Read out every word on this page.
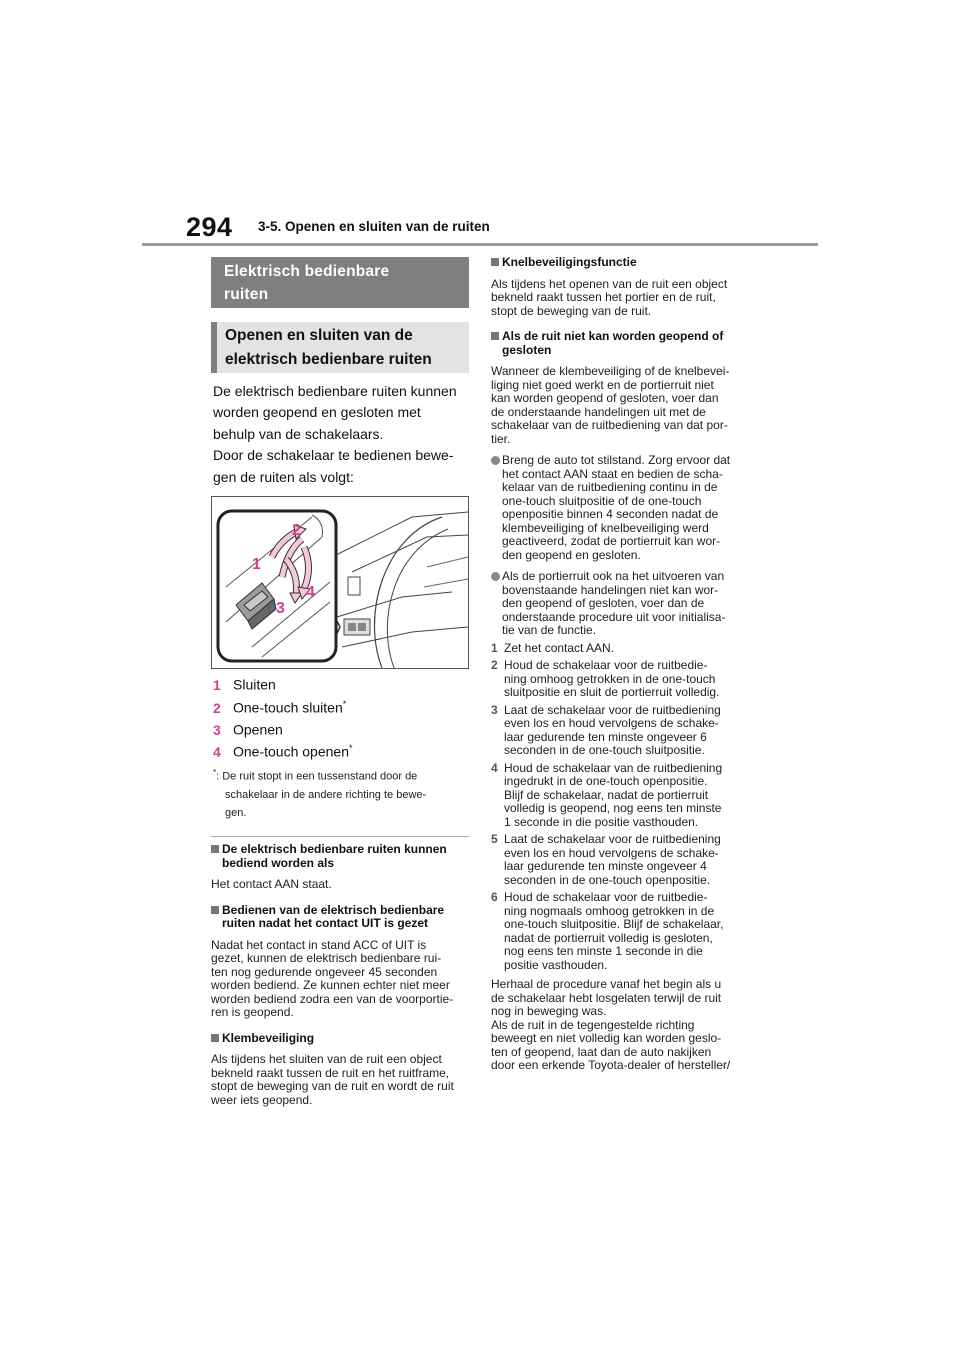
294 3-5. Openen en sluiten van de ruiten
Elektrisch bedienbare
ruiten
Openen en sluiten van de
elektrisch bedienbare ruiten
De elektrisch bedienbare ruiten kunnen
worden geopend en gesloten met
behulp van de schakelaars.
Door de schakelaar te bedienen bewe-
gen de ruiten als volgt:
2
1
3
4
1 Sluiten
2 One-touch sluiten*
3 Openen
4 One-touch openen*
*: De ruit stopt in een tussenstand door de
schakelaar in de andere richting te bewe-
gen.
De elektrisch bedienbare ruiten kunnen
bediend worden als
Het contact AAN staat.
Bedienen van de elektrisch bedienbare
ruiten nadat het contact UIT is gezet
Nadat het contact in stand ACC of UIT is
gezet, kunnen de elektrisch bedienbare rui-
ten nog gedurende ongeveer 45 seconden
worden bediend. Ze kunnen echter niet meer
worden bediend zodra een van de voorportie-
ren is geopend.
Klembeveiliging
Als tijdens het sluiten van de ruit een object
bekneld raakt tussen de ruit en het ruitframe,
stopt de beweging van de ruit en wordt de ruit
weer iets geopend.
Knelbeveiligingsfunctie
Als tijdens het openen van de ruit een object
bekneld raakt tussen het portier en de ruit,
stopt de beweging van de ruit.
Als de ruit niet kan worden geopend of
gesloten
Wanneer de klembeveiliging of de knelbevei-
liging niet goed werkt en de portierruit niet
kan worden geopend of gesloten, voer dan
de onderstaande handelingen uit met de
schakelaar van de ruitbediening van dat por-
tier.
Breng de auto tot stilstand. Zorg ervoor dat
het contact AAN staat en bedien de scha-
kelaar van de ruitbediening continu in de
one-touch sluitpositie of de one-touch
openpositie binnen 4 seconden nadat de
klembeveiliging of knelbeveiliging werd
geactiveerd, zodat de portierruit kan wor-
den geopend en gesloten.
Als de portierruit ook na het uitvoeren van
bovenstaande handelingen niet kan wor-
den geopend of gesloten, voer dan de
onderstaande procedure uit voor initialisa-
tie van de functie.
1 Zet het contact AAN.
2 Houd de schakelaar voor de ruitbedie-
ning omhoog getrokken in de one-touch
sluitpositie en sluit de portierruit volledig.
3 Laat de schakelaar voor de ruitbediening
even los en houd vervolgens de schake-
laar gedurende ten minste ongeveer 6
seconden in de one-touch sluitpositie.
4 Houd de schakelaar van de ruitbediening
ingedrukt in de one-touch openpositie.
Blijf de schakelaar, nadat de portierruit
volledig is geopend, nog eens ten minste
1 seconde in die positie vasthouden.
5 Laat de schakelaar voor de ruitbediening
even los en houd vervolgens de schake-
laar gedurende ten minste ongeveer 4
seconden in de one-touch openpositie.
6 Houd de schakelaar voor de ruitbedie-
ning nogmaals omhoog getrokken in de
one-touch sluitpositie. Blijf de schakelaar,
nadat de portierruit volledig is gesloten,
nog eens ten minste 1 seconde in die
positie vasthouden.
Herhaal de procedure vanaf het begin als u
de schakelaar hebt losgelaten terwijl de ruit
nog in beweging was.
Als de ruit in de tegengestelde richting
beweegt en niet volledig kan worden geslo-
ten of geopend, laat dan de auto nakijken
door een erkende Toyota-dealer of hersteller/
